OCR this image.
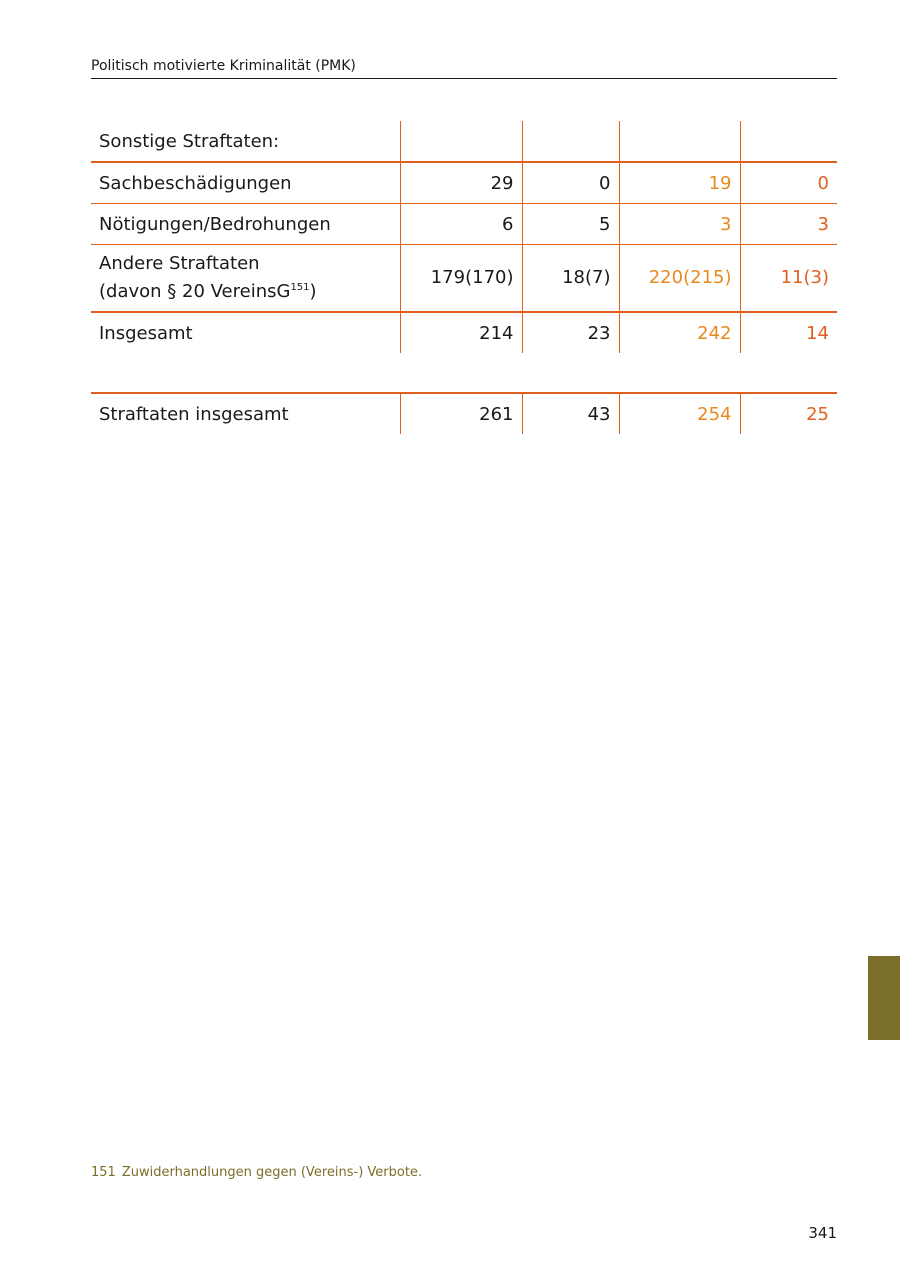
Politisch motivierte Kriminalität (PMK)
Sonstige Straftaten:				
Sachbeschädigungen	29	0	19	0
Nötigungen/Bedrohungen	6	5	3	3
Andere Straftaten
(davon § 20 VereinsG$^{151}$)	179(170)	18(7)	220(215)	11(3)
Insgesamt	214	23	242	14
Straftaten insgesamt	261	43	254	25
151 Zuwiderhandlungen gegen (Vereins-) Verbote.
341
